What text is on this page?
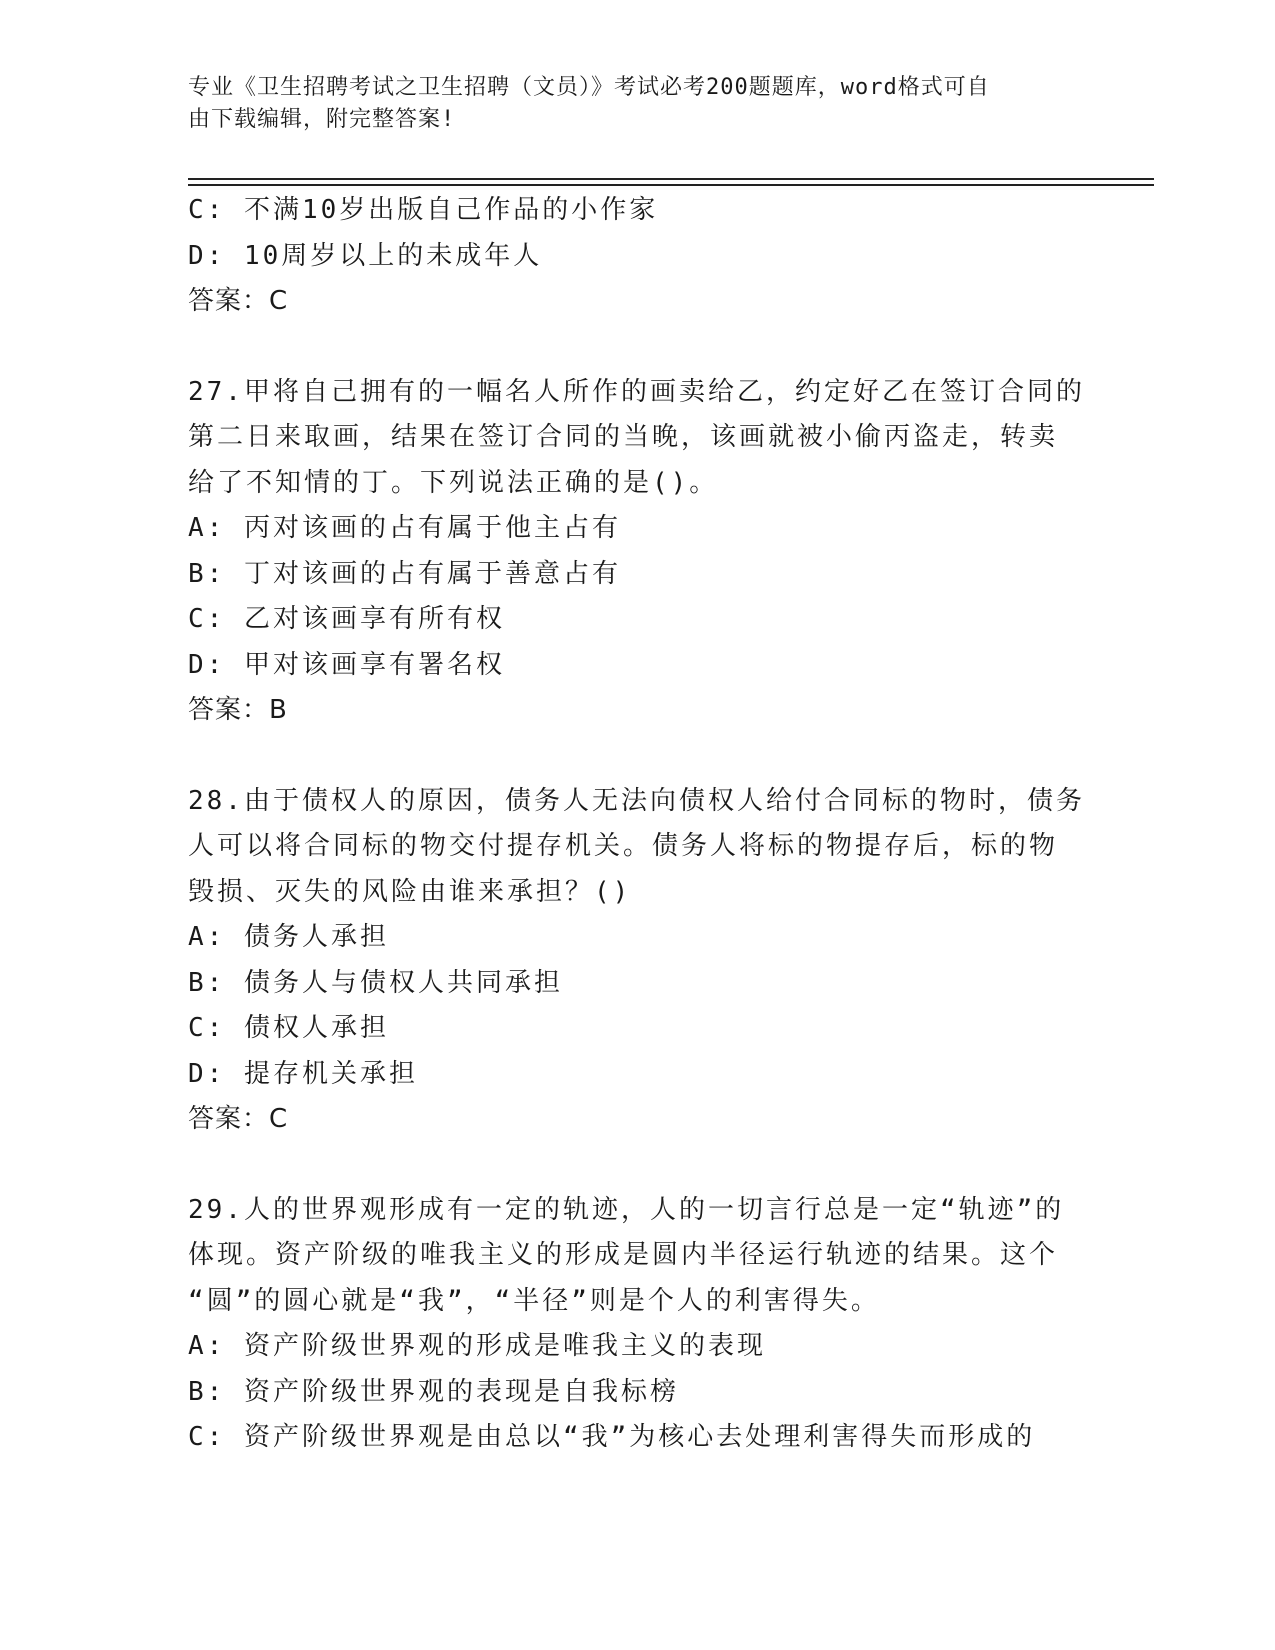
专业《卫生招聘考试之卫生招聘（文员）》考试必考200题题库，word格式可自
由下载编辑，附完整答案!
C: 不满10岁出版自己作品的小作家
D: 10周岁以上的未成年人
答案：C
27.甲将自己拥有的一幅名人所作的画卖给乙，约定好乙在签订合同的
第二日来取画，结果在签订合同的当晚，该画就被小偷丙盗走，转卖
给了不知情的丁。下列说法正确的是()。
A: 丙对该画的占有属于他主占有
B: 丁对该画的占有属于善意占有
C: 乙对该画享有所有权
D: 甲对该画享有署名权
答案：B
28.由于债权人的原因，债务人无法向债权人给付合同标的物时，债务
人可以将合同标的物交付提存机关。债务人将标的物提存后，标的物
毁损、灭失的风险由谁来承担？()
A: 债务人承担
B: 债务人与债权人共同承担
C: 债权人承担
D: 提存机关承担
答案：C
29.人的世界观形成有一定的轨迹，人的一切言行总是一定“轨迹”的
体现。资产阶级的唯我主义的形成是圆内半径运行轨迹的结果。这个
“圆”的圆心就是“我”，“半径”则是个人的利害得失。
A: 资产阶级世界观的形成是唯我主义的表现
B: 资产阶级世界观的表现是自我标榜
C: 资产阶级世界观是由总以“我”为核心去处理利害得失而形成的
